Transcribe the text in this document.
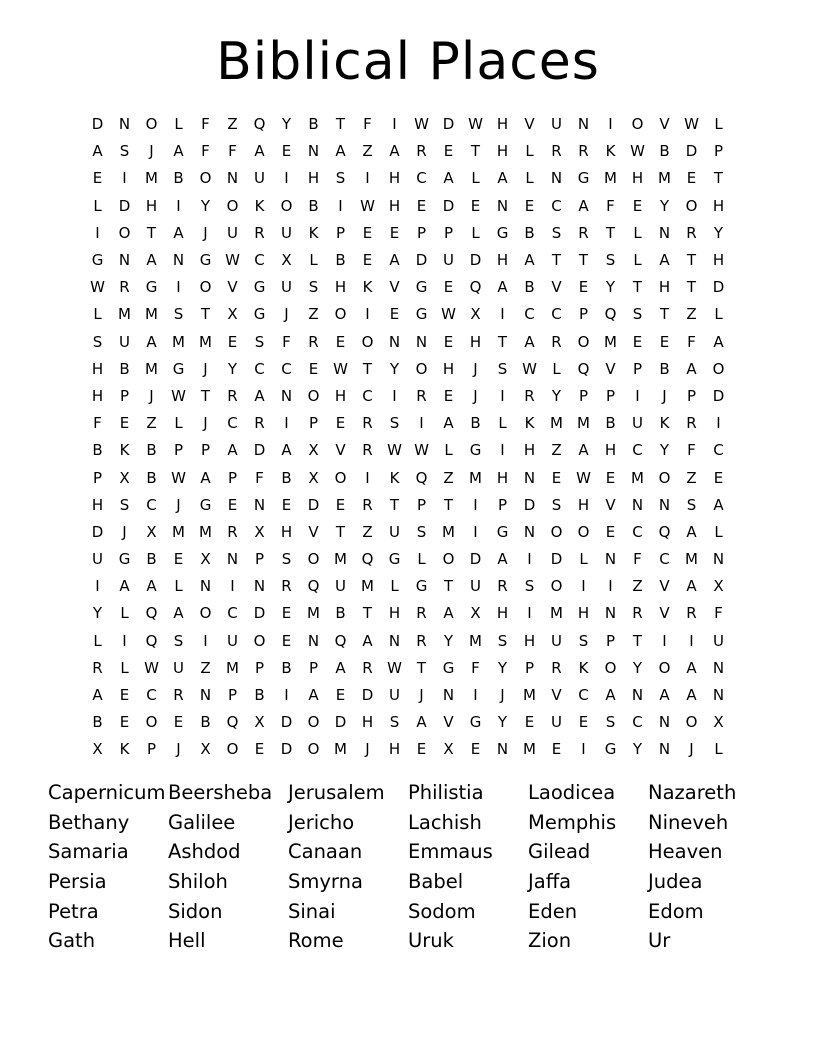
Biblical Places
D	N	O	L	F	Z	Q	Y	B	T	F	I	W D W H	V	U	N	I	O	V W	L
A	S	J	A	F	F	A	E	N	A	Z	A	R	E	T	H	L	R	R	K W B	D	P
E	I	M	B	O	N	U	I	H	S	I	H	C	A	L	A	L	N	G M H M	E	T
L	D	H	I	Y	O	K	O	B	I	W H	E	D	E	N	E	C	A	F	E	Y	O	H
I	O	T	A	J	U	R	U	K	P	E	E	P	P	L	G	B	S	R	T	L	N	R	Y
G	N	A	N	G W C	X	L	B	E	A	D	U	D	H	A	T	T	S	L	A	T	H
W R	G	I	O	V	G	U	S	H	K	V	G	E	Q	A	B	V	E	Y	T	H	T	D
L	M M	S	T	X	G	J	Z	O	I	E	G W X	I	C	C	P	Q	S	T	Z	L
S	U	A	M M	E	S	F	R	E	O	N	N	E	H	T	A	R	O M	E	E	F	A
H	B	M G	J	Y	C	C	E W T	Y	O	H	J	S W	L	Q	V	P	B	A	O
H	P	J	W T	R	A	N	O	H	C	I	R	E	J	I	R	Y	P	P	I	J	P	D
F	E	Z	L	J	C	R	I	P	E	R	S	I	A	B	L	K	M M	B	U	K	R	I
B	K	B	P	P	A	D	A	X	V	R W W	L	G	I	H	Z	A	H	C	Y	F	C
P	X	B W A	P	F	B	X	O	I	K	Q	Z	M H	N	E W E	M O	Z	E
H	S	C	J	G	E	N	E	D	E	R	T	P	T	I	P	D	S	H	V	N	N	S	A
D	J	X	M M	R	X	H	V	T	Z	U	S	M	I	G	N	O	O	E	C	Q	A	L
U	G	B	E	X	N	P	S	O M Q	G	L	O	D	A	I	D	L	N	F	C	M N
I	A	A	L	N	I	N	R	Q	U	M	L	G	T	U	R	S	O	I	I	Z	V	A	X
Y	L	Q	A	O	C	D	E	M	B	T	H	R	A	X	H	I	M H	N	R	V	R	F
L	I	Q	S	I	U	O	E	N	Q	A	N	R	Y	M	S	H	U	S	P	T	I	I	U
R	L	W U	Z	M	P	B	P	A	R W T	G	F	Y	P	R	K	O	Y	O	A	N
A	E	C	R	N	P	B	I	A	E	D	U	J	N	I	J	M	V	C	A	N	A	A	N
B	E	O	E	B	Q	X	D	O	D	H	S	A	V	G	Y	E	U	E	S	C	N	O	X
X	K	P	J	X	O	E	D	O M	J	H	E	X	E	N M	E	I	G	Y	N	J	L
Capernicum Beersheba Jerusalem	Philistia	Laodicea	Nazareth
Bethany	Galilee	Jericho	Lachish	Memphis	Nineveh
Samaria	Ashdod	Canaan	Emmaus	Gilead	Heaven
Persia	Shiloh	Smyrna	Babel	Jaffa	Judea
Petra	Sidon	Sinai	Sodom	Eden	Edom
Gath	Hell	Rome	Uruk	Zion	Ur
